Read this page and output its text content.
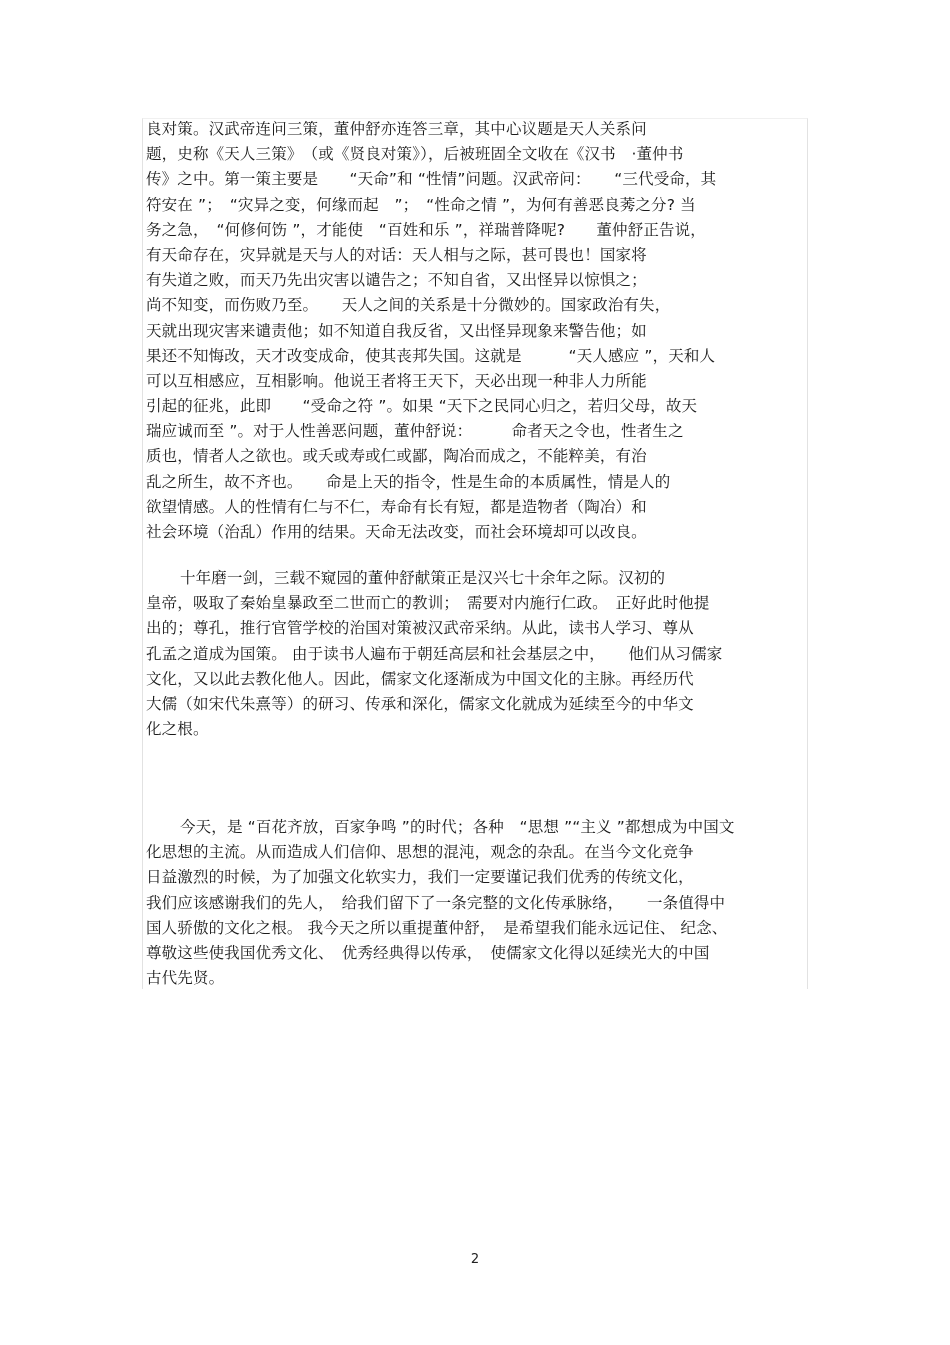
良对策。汉武帝连问三策，董仲舒亦连答三章，其中心议题是天人关系问
题，史称《天人三策》　（或《贤良对策》），后被班固全文收在《汉书　·董仲书
传》之中。第一策主要是　　“天命”和 “性情”问题。汉武帝问：　　“三代受命，其
符安在 ”；　“灾异之变，何缘而起　”；　“性命之情 ”，为何有善恶良莠之分? 当
务之急，　“何修何饬 ”，才能使　“百姓和乐 ”，祥瑞普降呢?　　董仲舒正告说，
有天命存在，灾异就是天与人的对话：天人相与之际，甚可畏也！国家将
有失道之败，而天乃先出灾害以谴告之；不知自省，又出怪异以惊惧之；
尚不知变，而伤败乃至。　　天人之间的关系是十分微妙的。国家政治有失，
天就出现灾害来谴责他；如不知道自我反省，又出怪异现象来警告他；如
果还不知悔改，天才改变成命，使其丧邦失国。这就是　　　“天人感应 ”，天和人
可以互相感应，互相影响。他说王者将王天下，天必出现一种非人力所能
引起的征兆，此即　　“受命之符 ”。如果 “天下之民同心归之，若归父母，故天
瑞应诚而至 ”。对于人性善恶问题，董仲舒说：　　　命者天之令也，性者生之
质也，情者人之欲也。或夭或寿或仁或鄙，陶冶而成之，不能粹美，有治
乱之所生，故不齐也。　　命是上天的指令，性是生命的本质属性，情是人的
欲望情感。人的性情有仁与不仁，寿命有长有短，都是造物者（陶冶）和
社会环境（治乱）作用的结果。天命无法改变，而社会环境却可以改良。
十年磨一剑，三载不窥园的董仲舒献策正是汉兴七十余年之际。汉初的
皇帝，吸取了秦始皇暴政至二世而亡的教训；　需要对内施行仁政。　正好此时他提
出的；尊孔，推行官管学校的治国对策被汉武帝采纳。从此，读书人学习、尊从
孔孟之道成为国策。 由于读书人遍布于朝廷高层和社会基层之中，　　他们从习儒家
文化，又以此去教化他人。因此，儒家文化逐渐成为中国文化的主脉。再经历代
大儒（如宋代朱熹等）的研习、传承和深化，儒家文化就成为延续至今的中华文
化之根。
今天，是 “百花齐放，百家争鸣 ”的时代；各种　“思想 ”“主义 ”都想成为中国文
化思想的主流。从而造成人们信仰、思想的混沌，观念的杂乱。在当今文化竞争
日益激烈的时候，为了加强文化软实力，我们一定要谨记我们优秀的传统文化，
我们应该感谢我们的先人，　给我们留下了一条完整的文化传承脉络，　　一条值得中
国人骄傲的文化之根。 我今天之所以重提董仲舒，　是希望我们能永远记住、 纪念、
尊敬这些使我国优秀文化、　优秀经典得以传承，　使儒家文化得以延续光大的中国
古代先贤。
2
